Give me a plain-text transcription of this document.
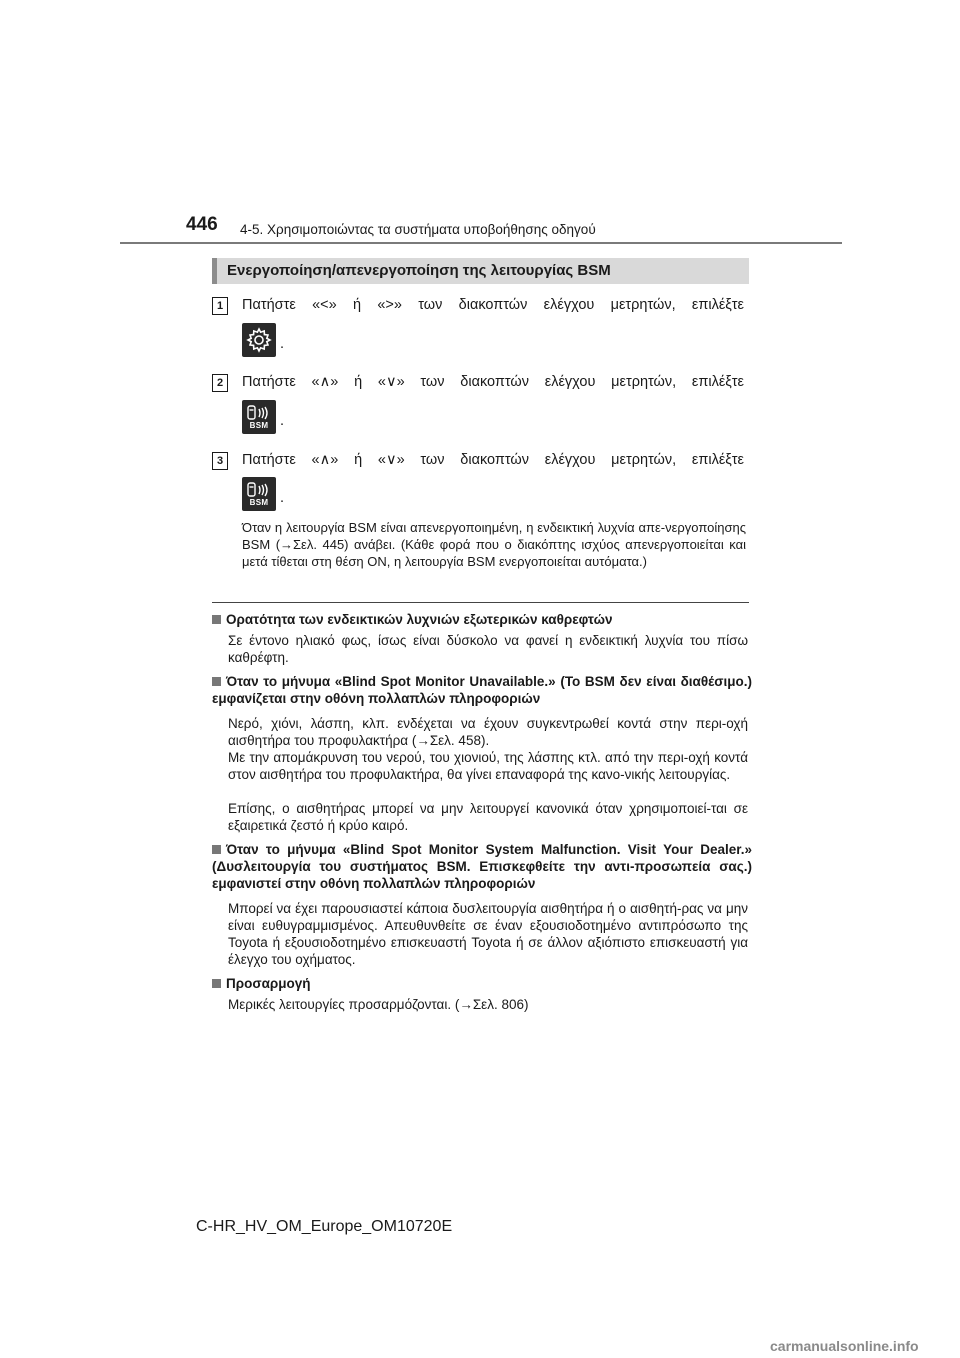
446 4-5. Χρησιμοποιώντας τα συστήματα υποβοήθησης οδηγού
Ενεργοποίηση/απενεργοποίηση της λειτουργίας BSM
1	Πατήστε «<» ή «>» των διακοπτών ελέγχου μετρητών, επιλέξτε
.
2	Πατήστε «∧» ή «∨» των διακοπτών ελέγχου μετρητών, επιλέξτε
BSM .
3	Πατήστε «∧» ή «∨» των διακοπτών ελέγχου μετρητών, επιλέξτε
BSM .
Όταν η λειτουργία BSM είναι απενεργοποιημένη, η ενδεικτική λυχνία απε-νεργοποίησης BSM (→Σελ. 445) ανάβει. (Κάθε φορά που ο διακόπτης ισχύος απενεργοποιείται και μετά τίθεται στη θέση ON, η λειτουργία BSM ενεργοποιείται αυτόματα.)
Ορατότητα των ενδεικτικών λυχνιών εξωτερικών καθρεφτών
Σε έντονο ηλιακό φως, ίσως είναι δύσκολο να φανεί η ενδεικτική λυχνία του πίσω καθρέφτη.
Όταν το μήνυμα «Blind Spot Monitor Unavailable.» (Το BSM δεν είναι διαθέσιμο.) εμφανίζεται στην οθόνη πολλαπλών πληροφοριών
Νερό, χιόνι, λάσπη, κλπ. ενδέχεται να έχουν συγκεντρωθεί κοντά στην περι-οχή αισθητήρα του προφυλακτήρα (→Σελ. 458).
Με την απομάκρυνση του νερού, του χιονιού, της λάσπης κτλ. από την περι-οχή κοντά στον αισθητήρα του προφυλακτήρα, θα γίνει επαναφορά της κανο-νικής λειτουργίας.
Επίσης, ο αισθητήρας μπορεί να μην λειτουργεί κανονικά όταν χρησιμοποιεί-ται σε εξαιρετικά ζεστό ή κρύο καιρό.
Όταν το μήνυμα «Blind Spot Monitor System Malfunction. Visit Your Dealer.» (Δυσλειτουργία του συστήματος BSM. Επισκεφθείτε την αντι-προσωπεία σας.) εμφανιστεί στην οθόνη πολλαπλών πληροφοριών
Μπορεί να έχει παρουσιαστεί κάποια δυσλειτουργία αισθητήρα ή ο αισθητή-ρας να μην είναι ευθυγραμμισμένος. Απευθυνθείτε σε έναν εξουσιοδοτημένο αντιπρόσωπο της Toyota ή εξουσιοδοτημένο επισκευαστή Toyota ή σε άλλον αξιόπιστο επισκευαστή για έλεγχο του οχήματος.
Προσαρμογή
Μερικές λειτουργίες προσαρμόζονται. (→Σελ. 806)
C-HR_HV_OM_Europe_OM10720E
carmanualsonline.info
